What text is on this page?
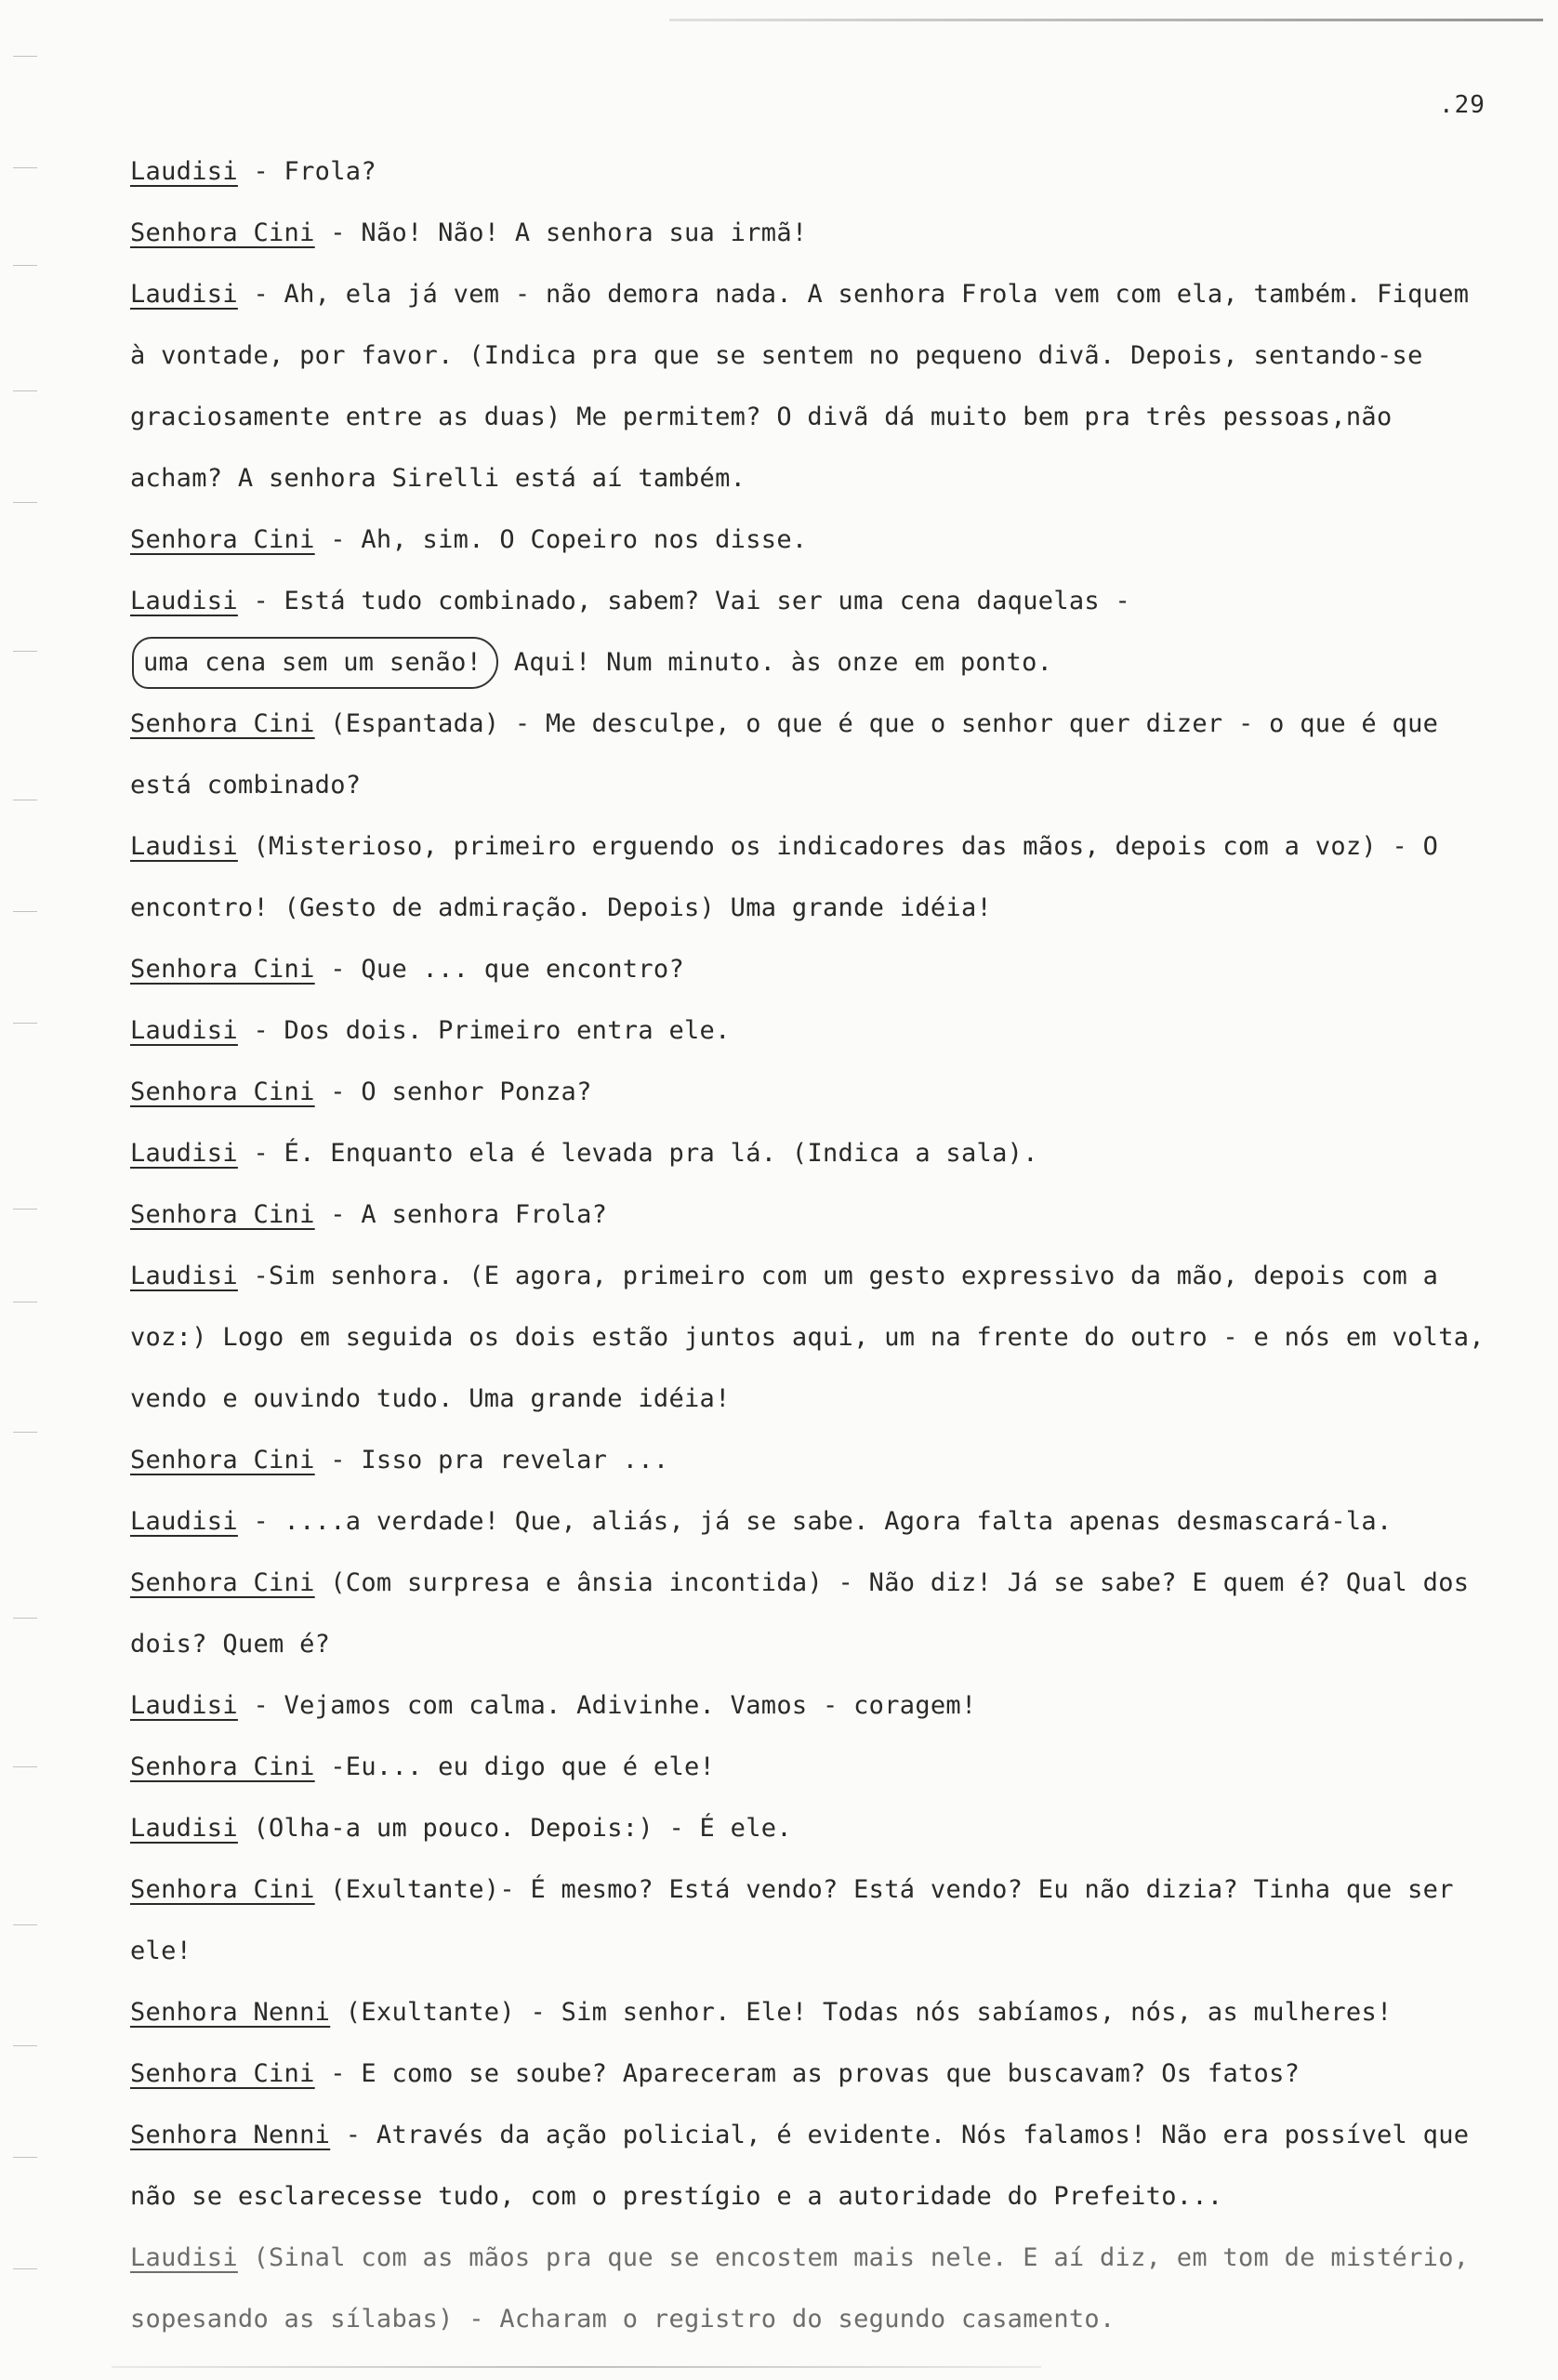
.29

Laudisi - Frola?

Senhora Cini - Não! Não! A senhora sua irmã!

Laudisi - Ah, ela já vem - não demora nada. A senhora Frola vem com ela, também. Fiquem à vontade, por favor. (Indica pra que se sentem no pequeno divã. Depois, sentando-se graciosamente entre as duas) Me permitem? O divã dá muito bem pra três pessoas,não acham? A senhora Sirelli está aí também.

Senhora Cini - Ah, sim. O Copeiro nos disse.

Laudisi - Está tudo combinado, sabem? Vai ser uma cena daquelas - uma cena sem um senão! Aqui! Num minuto. às onze em ponto.

Senhora Cini (Espantada) - Me desculpe, o que é que o senhor quer dizer - o que é que está combinado?

Laudisi (Misterioso, primeiro erguendo os indicadores das mãos, depois com a voz) - O encontro! (Gesto de admiração. Depois) Uma grande idéia!

Senhora Cini - Que ... que encontro?

Laudisi - Dos dois. Primeiro entra ele.

Senhora Cini - O senhor Ponza?

Laudisi - É. Enquanto ela é levada pra lá. (Indica a sala).

Senhora Cini - A senhora Frola?

Laudisi -Sim senhora. (E agora, primeiro com um gesto expressivo da mão, depois com a voz:) Logo em seguida os dois estão juntos aqui, um na frente do outro - e nós em volta, vendo e ouvindo tudo. Uma grande idéia!

Senhora Cini - Isso pra revelar ...

Laudisi - ....a verdade! Que, aliás, já se sabe. Agora falta apenas desmascará-la.

Senhora Cini (Com surpresa e ânsia incontida) - Não diz! Já se sabe? E quem é? Qual dos dois? Quem é?

Laudisi - Vejamos com calma. Adivinhe. Vamos - coragem!

Senhora Cini -Eu... eu digo que é ele!

Laudisi (Olha-a um pouco. Depois:) - É ele.

Senhora Cini (Exultante)- É mesmo? Está vendo? Está vendo? Eu não dizia? Tinha que ser ele!

Senhora Nenni (Exultante) - Sim senhor. Ele! Todas nós sabíamos, nós, as mulheres!

Senhora Cini - E como se soube? Apareceram as provas que buscavam? Os fatos?

Senhora Nenni - Através da ação policial, é evidente. Nós falamos! Não era possível que não se esclarecesse tudo, com o prestígio e a autoridade do Prefeito...

Laudisi (Sinal com as mãos pra que se encostem mais nele. E aí diz, em tom de mistério, sopesando as sílabas) - Acharam o registro do segundo casamento.
